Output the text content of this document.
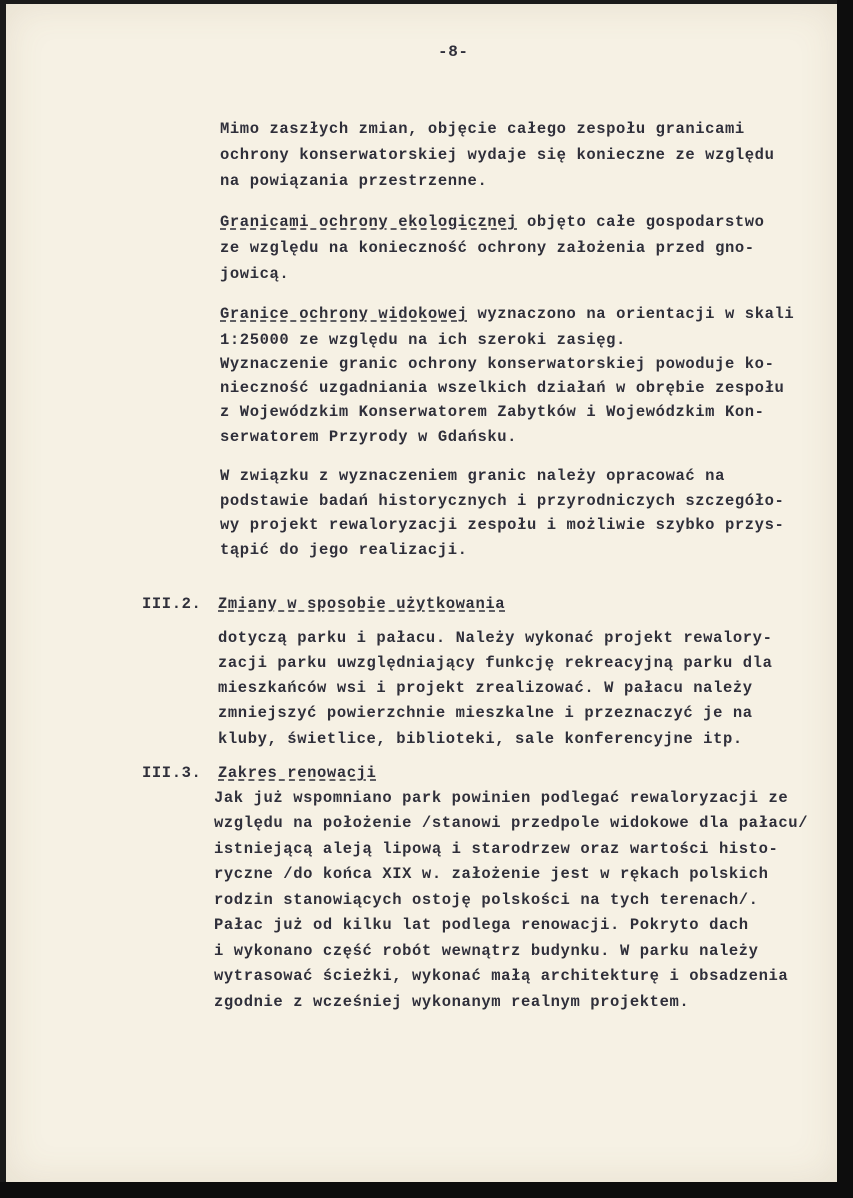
-8-
Mimo zaszłych zmian, objęcie całego zespołu granicami
ochrony konserwatorskiej wydaje się konieczne ze względu
na powiązania przestrzenne.
Granicami ochrony ekologicznej objęto całe gospodarstwo
ze względu na konieczność ochrony założenia przed gno-
jowicą.
Granice ochrony widokowej wyznaczono na orientacji w skali
1:25000 ze względu na ich szeroki zasięg.
Wyznaczenie granic ochrony konserwatorskiej powoduje ko-
nieczność uzgadniania wszelkich działań w obrębie zespołu
z Wojewódzkim Konserwatorem Zabytków i Wojewódzkim Kon-
serwatorem Przyrody w Gdańsku.
W związku z wyznaczeniem granic należy opracować na
podstawie badań historycznych i przyrodniczych szczegóło-
wy projekt rewaloryzacji zespołu i możliwie szybko przys-
tąpić do jego realizacji.
III.2. Zmiany w sposobie użytkowania
dotyczą parku i pałacu. Należy wykonać projekt rewalory-
zacji parku uwzględniający funkcję rekreacyjną parku dla
mieszkańców wsi i projekt zrealizować. W pałacu należy
zmniejszyć powierzchnie mieszkalne i przeznaczyć je na
kluby, świetlice, biblioteki, sale konferencyjne itp.
III.3. Zakres renowacji
Jak już wspomniano park powinien podlegać rewaloryzacji ze
względu na położenie /stanowi przedpole widokowe dla pałacu/
istniejącą aleją lipową i starodrzew oraz wartości histo-
ryczne /do końca XIX w. założenie jest w rękach polskich
rodzin stanowiących ostoję polskości na tych terenach/.
Pałac już od kilku lat podlega renowacji. Pokryto dach
i wykonano część robót wewnątrz budynku. W parku należy
wytrasować ścieżki, wykonać małą architekturę i obsadzenia
zgodnie z wcześniej wykonanym realnym projektem.
